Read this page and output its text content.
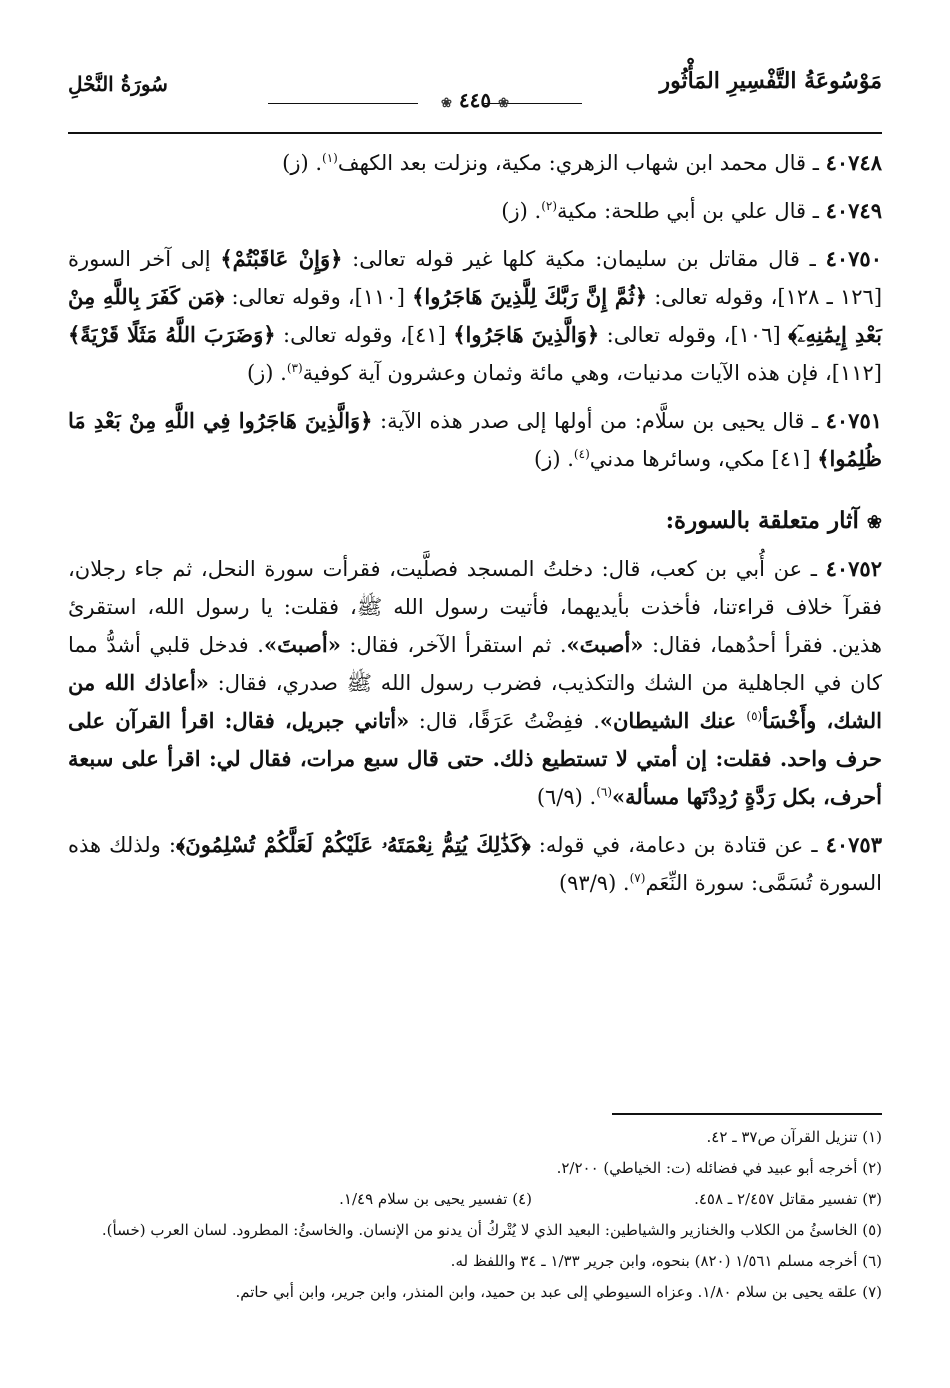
مَوْسُوعَةُ التَّفْسِيرِ المَأْثُور
❀ ٤٤٥ ❀
سُورَةُ النَّحْلِ

٤٠٧٤٨ ـ قال محمد ابن شهاب الزهري: مكية، ونزلت بعد الكهف$^{(١)}$. (ز)

٤٠٧٤٩ ـ قال علي بن أبي طلحة: مكية$^{(٢)}$. (ز)

٤٠٧٥٠ ـ قال مقاتل بن سليمان: مكية كلها غير قوله تعالى: ﴿وَإِنْ عَاقَبْتُمْ﴾ إلى آخر السورة [١٢٦ ـ ١٢٨]، وقوله تعالى: ﴿ثُمَّ إِنَّ رَبَّكَ لِلَّذِينَ هَاجَرُوا﴾ [١١٠]، وقوله تعالى: ﴿مَن كَفَرَ بِاللَّهِ مِنْ بَعْدِ إِيمَٰنِهِۦٓ﴾ [١٠٦]، وقوله تعالى: ﴿وَالَّذِينَ هَاجَرُوا﴾ [٤١]، وقوله تعالى: ﴿وَضَرَبَ اللَّهُ مَثَلًا قَرْيَةً﴾ [١١٢]، فإن هذه الآيات مدنيات، وهي مائة وثمان وعشرون آية كوفية$^{(٣)}$. (ز)

٤٠٧٥١ ـ قال يحيى بن سلَّام: من أولها إلى صدر هذه الآية: ﴿وَالَّذِينَ هَاجَرُوا فِي اللَّهِ مِنْ بَعْدِ مَا ظُلِمُوا﴾ [٤١] مكي، وسائرها مدني$^{(٤)}$. (ز)

❀ آثار متعلقة بالسورة:

٤٠٧٥٢ ـ عن أُبي بن كعب، قال: دخلتُ المسجد فصلَّيت، فقرأت سورة النحل، ثم جاء رجلان، فقرآ خلاف قراءتنا، فأخذت بأيديهما، فأتيت رسول الله ﷺ، فقلت: يا رسول الله، استقرئ هذين. فقرأ أحدُهما، فقال: «أصبتَ». ثم استقرأ الآخر، فقال: «أصبتَ». فدخل قلبي أشدُّ مما كان في الجاهلية من الشك والتكذيب، فضرب رسول الله ﷺ صدري، فقال: «أعاذك الله من الشك، وأَخْسَأ$^{(٥)}$ عنك الشيطان». ففِضْتُ عَرَقًا، قال: «أتاني جبريل، فقال: اقرأ القرآن على حرف واحد. فقلت: إن أمتي لا تستطيع ذلك. حتى قال سبع مرات، فقال لي: اقرأ على سبعة أحرف، بكل رَدَّةٍ رُدِدْتَها مسألة»$^{(٦)}$. (٦/٩)

٤٠٧٥٣ ـ عن قتادة بن دعامة، في قوله: ﴿كَذَٰلِكَ يُتِمُّ نِعْمَتَهُۥ عَلَيْكُمْ لَعَلَّكُمْ تُسْلِمُونَ﴾: ولذلك هذه السورة تُسَمَّى: سورة النِّعَم$^{(٧)}$. (٩٣/٩)

(١) تنزيل القرآن ص٣٧ ـ ٤٢.

(٢) أخرجه أبو عبيد في فضائله (ت: الخياطي) ٢/٢٠٠.

(٣) تفسير مقاتل ٢/٤٥٧ ـ ٤٥٨.

(٤) تفسير يحيى بن سلام ١/٤٩.

(٥) الخاسئُ من الكلاب والخنازير والشياطين: البعيد الذي لا يُتْركُ أن يدنو من الإنسان. والخاسئُ: المطرود. لسان العرب (خسأ).

(٦) أخرجه مسلم ١/٥٦١ (٨٢٠) بنحوه، وابن جرير ١/٣٣ ـ ٣٤ واللفظ له.

(٧) علقه يحيى بن سلام ١/٨٠. وعزاه السيوطي إلى عبد بن حميد، وابن المنذر، وابن جرير، وابن أبي حاتم.
